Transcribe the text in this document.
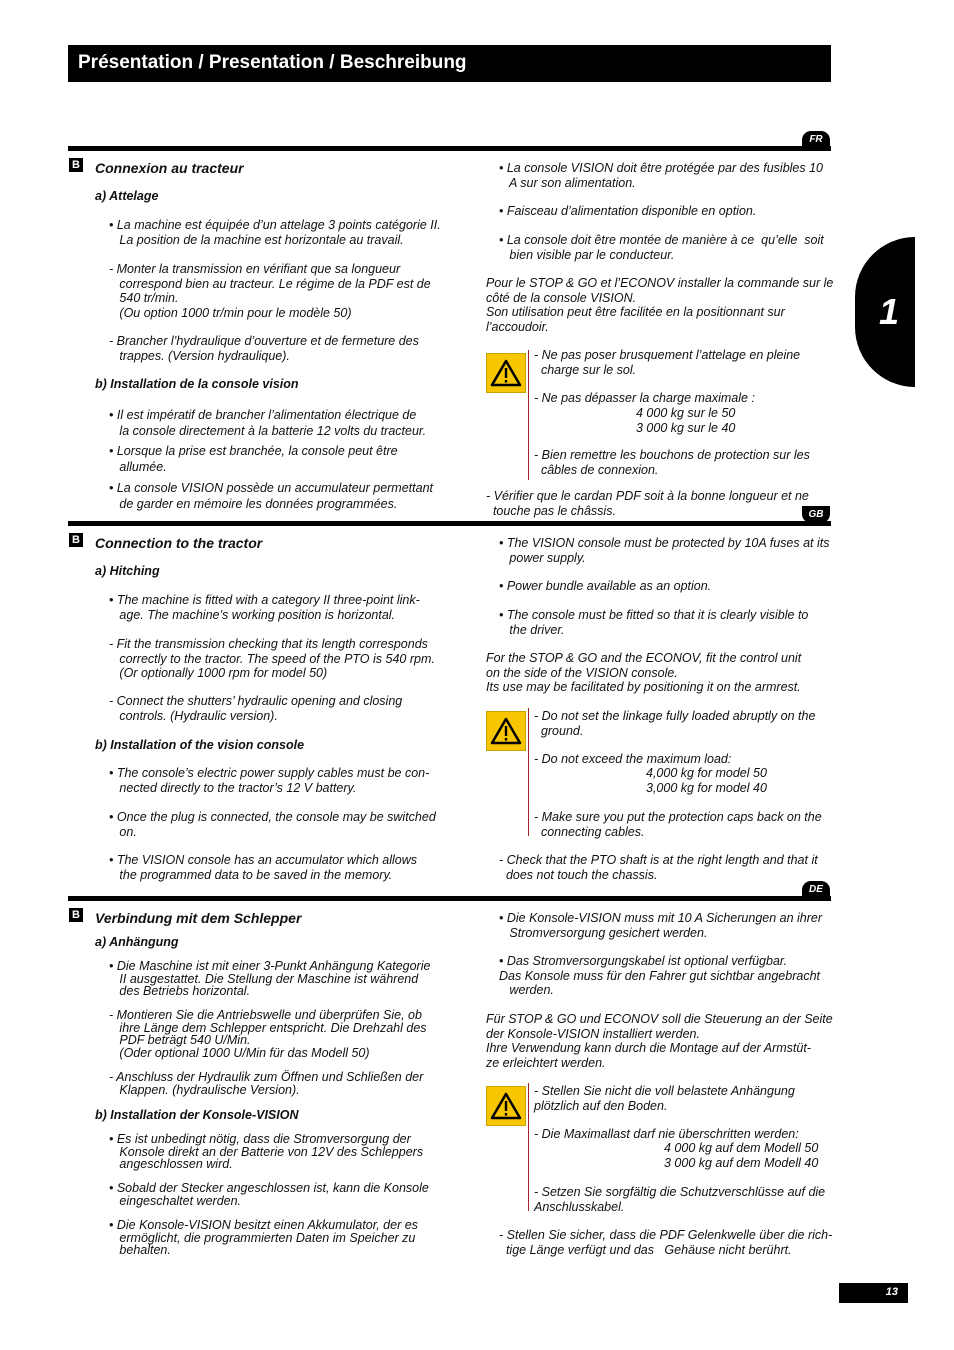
Présentation / Presentation / Beschreibung
1
FR
B Connexion au tracteur
a) Attelage
• La machine est équipée d’un attelage 3 points catégorie II.
La position de la machine est horizontale au travail.
- Monter la transmission en vérifiant que sa longueur
correspond bien au tracteur. Le régime de la PDF est de
540 tr/min.
(Ou option 1000 tr/min pour le modèle 50)
- Brancher l’hydraulique d’ouverture et de fermeture des
trappes. (Version hydraulique).
b) Installation de la console vision
• Il est impératif de brancher l’alimentation électrique de
la console directement à la batterie 12 volts du tracteur.
• Lorsque la prise est branchée, la console peut être
allumée.
• La console VISION possède un accumulateur permettant
de garder en mémoire les données programmées.
• La console VISION doit être protégée par des fusibles 10
A sur son alimentation.
• Faisceau d’alimentation disponible en option.
• La console doit être montée de manière à ce  qu’elle  soit
bien visible par le conducteur.
Pour le STOP & GO et l’ECONOV installer la commande sur le
côté de la console VISION.
Son utilisation peut être facilitée en la positionnant sur
l’accoudoir.
- Ne pas poser brusquement l’attelage en pleine
charge sur le sol.
- Ne pas dépasser la charge maximale :
4 000 kg sur le 50
3 000 kg sur le 40
- Bien remettre les bouchons de protection sur les
câbles de connexion.
- Vérifier que le cardan PDF soit à la bonne longueur et ne
touche pas le châssis.	GB
B Connection to the tractor
a) Hitching
• The machine is fitted with a category II three-point link-
age. The machine’s working position is horizontal.
- Fit the transmission checking that its length corresponds
correctly to the tractor. The speed of the PTO is 540 rpm.
(Or optionally 1000 rpm for model 50)
- Connect the shutters’ hydraulic opening and closing
controls. (Hydraulic version).
b) Installation of the vision console
• The console’s electric power supply cables must be con-
nected directly to the tractor’s 12 V battery.
• Once the plug is connected, the console may be switched
on.
• The VISION console has an accumulator which allows
the programmed data to be saved in the memory.
• The VISION console must be protected by 10A fuses at its
power supply.
• Power bundle available as an option.
• The console must be fitted so that it is clearly visible to
the driver.
For the STOP & GO and the ECONOV, fit the control unit
on the side of the VISION console.
Its use may be facilitated by positioning it on the armrest.
- Do not set the linkage fully loaded abruptly on the
ground.
- Do not exceed the maximum load:
4,000 kg for model 50
3,000 kg for model 40
- Make sure you put the protection caps back on the
connecting cables.
- Check that the PTO shaft is at the right length and that it
does not touch the chassis.
DE
B Verbindung mit dem Schlepper
a) Anhängung
• Die Maschine ist mit einer 3-Punkt Anhängung Kategorie
II ausgestattet. Die Stellung der Maschine ist während
des Betriebs horizontal.
- Montieren Sie die Antriebswelle und überprüfen Sie, ob
ihre Länge dem Schlepper entspricht. Die Drehzahl des
PDF beträgt 540 U/Min.
(Oder optional 1000 U/Min für das Modell 50)
- Anschluss der Hydraulik zum Öffnen und Schließen der
Klappen. (hydraulische Version).
b) Installation der Konsole-VISION
• Es ist unbedingt nötig, dass die Stromversorgung der
Konsole direkt an der Batterie von 12V des Schleppers
angeschlossen wird.
• Sobald der Stecker angeschlossen ist, kann die Konsole
eingeschaltet werden.
• Die Konsole-VISION besitzt einen Akkumulator, der es
ermöglicht, die programmierten Daten im Speicher zu
behalten.
• Die Konsole-VISION muss mit 10 A Sicherungen an ihrer
Stromversorgung gesichert werden.
• Das Stromversorgungskabel ist optional verfügbar.
Das Konsole muss für den Fahrer gut sichtbar angebracht
werden.
Für STOP & GO und ECONOV soll die Steuerung an der Seite
der Konsole-VISION installiert werden.
Ihre Verwendung kann durch die Montage auf der Armstüt-
ze erleichtert werden.
- Stellen Sie nicht die voll belastete Anhängung
plötzlich auf den Boden.
- Die Maximallast darf nie überschritten werden:
4 000 kg auf dem Modell 50
3 000 kg auf dem Modell 40
- Setzen Sie sorgfältig die Schutzverschlüsse auf die
Anschlusskabel.
- Stellen Sie sicher, dass die PDF Gelenkwelle über die rich-
tige Länge verfügt und das   Gehäuse nicht berührt.
13
